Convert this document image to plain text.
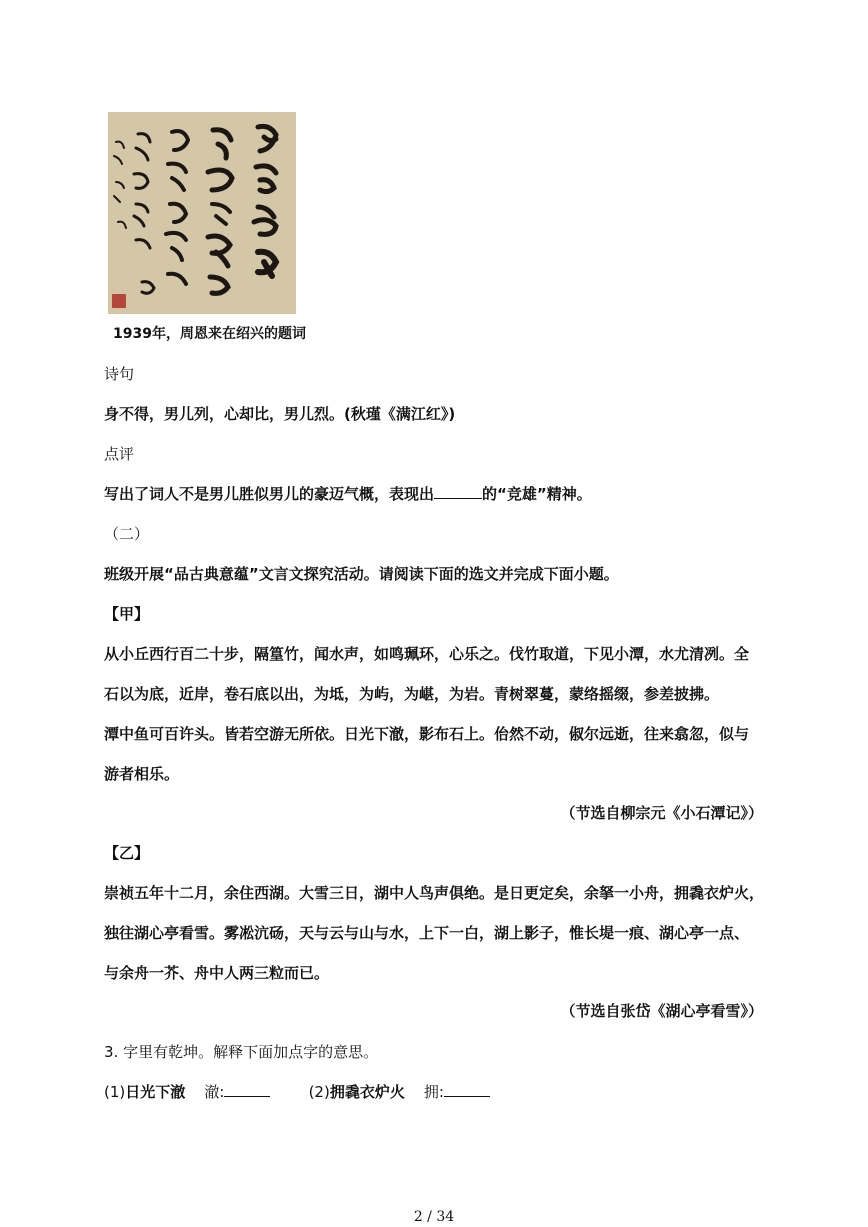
1939年，周恩来在绍兴的题词
诗句
身不得，男儿列，心却比，男儿烈。(秋瑾《满江红》)
点评
写出了词人不是男儿胜似男儿的豪迈气概，表现出	的“竞雄”精神。
（二）
班级开展“品古典意蕴”文言文探究活动。请阅读下面的选文并完成下面小题。
【甲】
从小丘西行百二十步，隔篁竹，闻水声，如鸣珮环，心乐之。伐竹取道，下见小潭，水尤清冽。全
石以为底，近岸，卷石底以出，为坻，为屿，为嵁，为岩。青树翠蔓，蒙络摇缀，参差披拂。
潭中鱼可百许头。皆若空游无所依。日光下澈，影布石上。佁然不动，俶尔远逝，往来翕忽，似与
游者相乐。
（节选自柳宗元《小石潭记》）
【乙】
崇祯五年十二月，余住西湖。大雪三日，湖中人鸟声俱绝。是日更定矣，余拏一小舟，拥毳衣炉火，
独往湖心亭看雪。雾凇沆砀，天与云与山与水，上下一白，湖上影子，惟长堤一痕、湖心亭一点、
与余舟一芥、舟中人两三粒而已。
（节选自张岱《湖心亭看雪》）
3. 字里有乾坤。解释下面加点字的意思。
(1)日光下澈 澈:	(2)拥毳衣炉火 拥:
2 / 34
